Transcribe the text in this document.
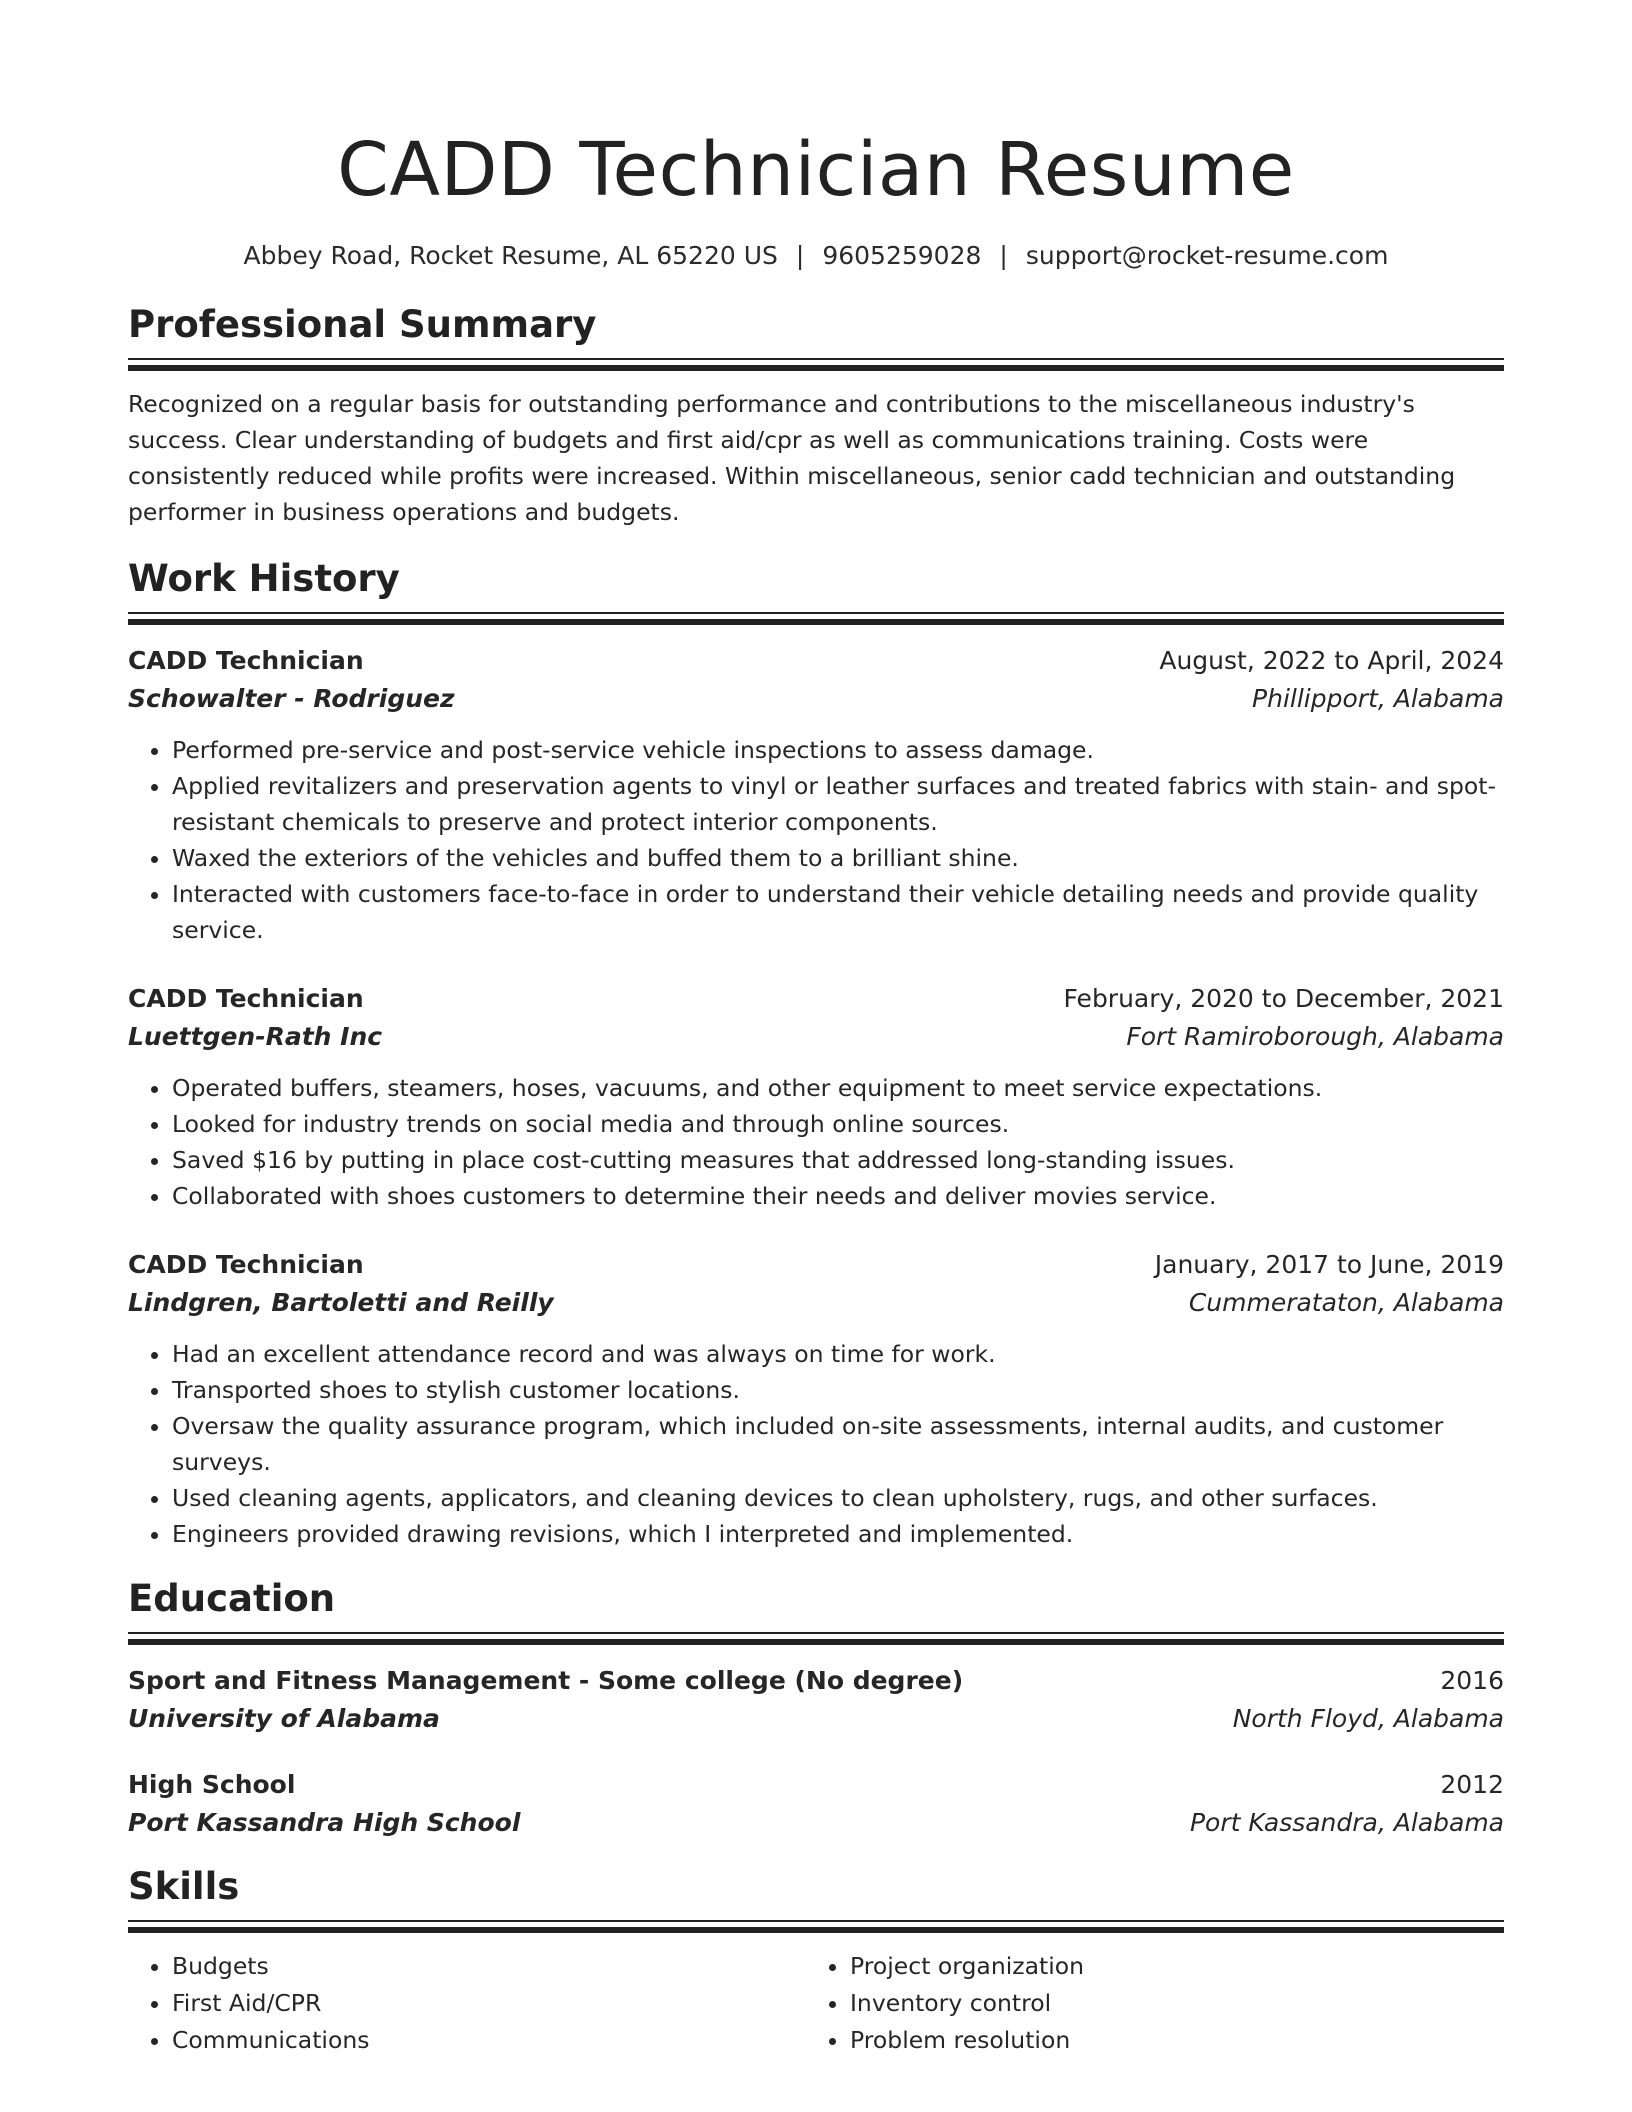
CADD Technician Resume
Abbey Road, Rocket Resume, AL 65220 US | 9605259028 | support@rocket-resume.com
Professional Summary

Recognized on a regular basis for outstanding performance and contributions to the miscellaneous industry's success. Clear understanding of budgets and first aid/cpr as well as communications training. Costs were consistently reduced while profits were increased. Within miscellaneous, senior cadd technician and outstanding performer in business operations and budgets.

Work History
CADD Technician	August, 2022 to April, 2024
Schowalter - Rodriguez	Phillipport, Alabama
• Performed pre-service and post-service vehicle inspections to assess damage.
• Applied revitalizers and preservation agents to vinyl or leather surfaces and treated fabrics with stain- and spot-resistant chemicals to preserve and protect interior components.
• Waxed the exteriors of the vehicles and buffed them to a brilliant shine.
• Interacted with customers face-to-face in order to understand their vehicle detailing needs and provide quality service.
CADD Technician	February, 2020 to December, 2021
Luettgen-Rath Inc	Fort Ramiroborough, Alabama
• Operated buffers, steamers, hoses, vacuums, and other equipment to meet service expectations.
• Looked for industry trends on social media and through online sources.
• Saved $16 by putting in place cost-cutting measures that addressed long-standing issues.
• Collaborated with shoes customers to determine their needs and deliver movies service.
CADD Technician	January, 2017 to June, 2019
Lindgren, Bartoletti and Reilly	Cummerataton, Alabama
• Had an excellent attendance record and was always on time for work.
• Transported shoes to stylish customer locations.
• Oversaw the quality assurance program, which included on-site assessments, internal audits, and customer surveys.
• Used cleaning agents, applicators, and cleaning devices to clean upholstery, rugs, and other surfaces.
• Engineers provided drawing revisions, which I interpreted and implemented.
Education
Sport and Fitness Management - Some college (No degree)	2016
University of Alabama	North Floyd, Alabama
High School	2012
Port Kassandra High School	Port Kassandra, Alabama
Skills
• Budgets
• First Aid/CPR
• Communications
• Project organization
• Inventory control
• Problem resolution
